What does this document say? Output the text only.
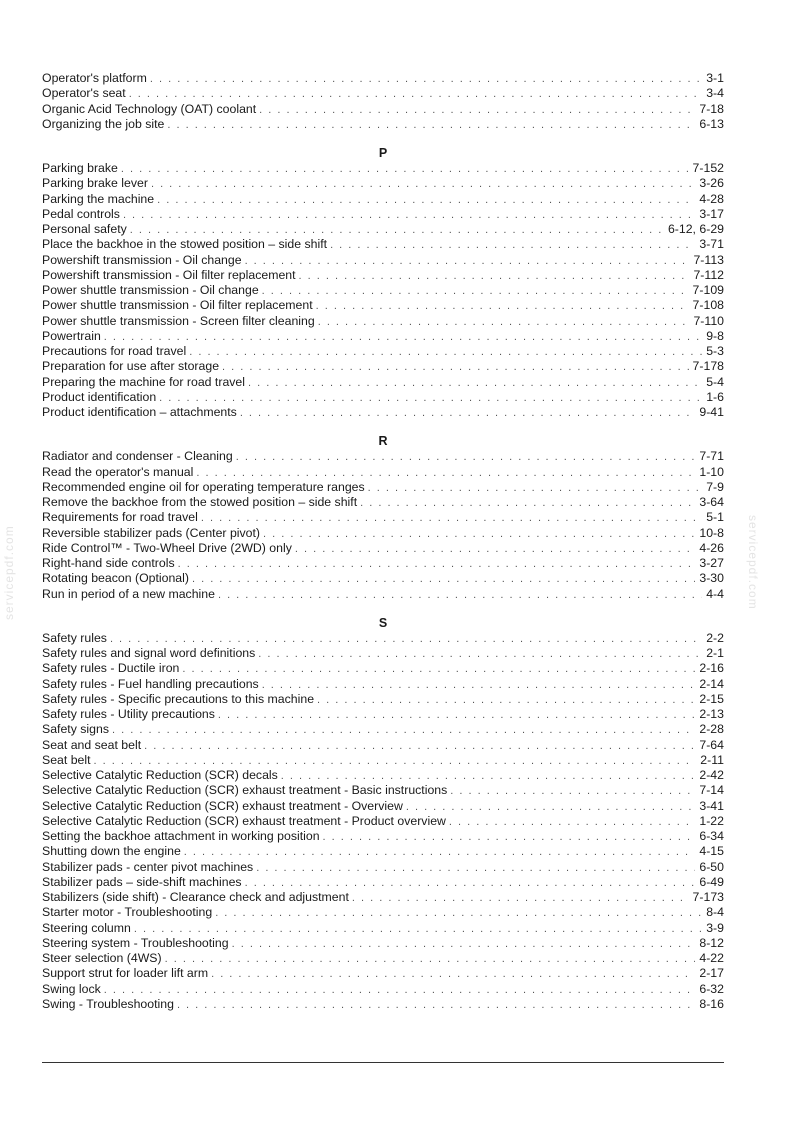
servicepdf.com	servicepdf.com
Operator's platform . . .	3-1
Operator's seat . . .	3-4
Organic Acid Technology (OAT) coolant . . .	7-18
Organizing the job site . . .	6-13
P
Parking brake . . .	7-152
Parking brake lever . . .	3-26
Parking the machine . . .	4-28
Pedal controls . . .	3-17
Personal safety . . .	6-12, 6-29
Place the backhoe in the stowed position – side shift . . .	3-71
Powershift transmission - Oil change . . .	7-113
Powershift transmission - Oil filter replacement . . .	7-112
Power shuttle transmission - Oil change . . .	7-109
Power shuttle transmission - Oil filter replacement . . .	7-108
Power shuttle transmission - Screen filter cleaning . . .	7-110
Powertrain . . .	9-8
Precautions for road travel . . .	5-3
Preparation for use after storage . . .	7-178
Preparing the machine for road travel . . .	5-4
Product identification . . .	1-6
Product identification – attachments . . .	9-41
R
Radiator and condenser - Cleaning . . .	7-71
Read the operator's manual . . .	1-10
Recommended engine oil for operating temperature ranges . . .	7-9
Remove the backhoe from the stowed position – side shift . . .	3-64
Requirements for road travel . . .	5-1
Reversible stabilizer pads (Center pivot) . . .	10-8
Ride Control™ - Two-Wheel Drive (2WD) only . . .	4-26
Right-hand side controls . . .	3-27
Rotating beacon (Optional) . . .	3-30
Run in period of a new machine . . .	4-4
S
Safety rules . . .	2-2
Safety rules and signal word definitions . . .	2-1
Safety rules - Ductile iron . . .	2-16
Safety rules - Fuel handling precautions . . .	2-14
Safety rules - Specific precautions to this machine . . .	2-15
Safety rules - Utility precautions . . .	2-13
Safety signs . . .	2-28
Seat and seat belt . . .	7-64
Seat belt . . .	2-11
Selective Catalytic Reduction (SCR) decals . . .	2-42
Selective Catalytic Reduction (SCR) exhaust treatment - Basic instructions . . .	7-14
Selective Catalytic Reduction (SCR) exhaust treatment - Overview . . .	3-41
Selective Catalytic Reduction (SCR) exhaust treatment - Product overview . . .	1-22
Setting the backhoe attachment in working position . . .	6-34
Shutting down the engine . . .	4-15
Stabilizer pads - center pivot machines . . .	6-50
Stabilizer pads – side-shift machines . . .	6-49
Stabilizers (side shift) - Clearance check and adjustment . . .	7-173
Starter motor - Troubleshooting . . .	8-4
Steering column . . .	3-9
Steering system - Troubleshooting . . .	8-12
Steer selection (4WS) . . .	4-22
Support strut for loader lift arm . . .	2-17
Swing lock . . .	6-32
Swing - Troubleshooting . . .	8-16
